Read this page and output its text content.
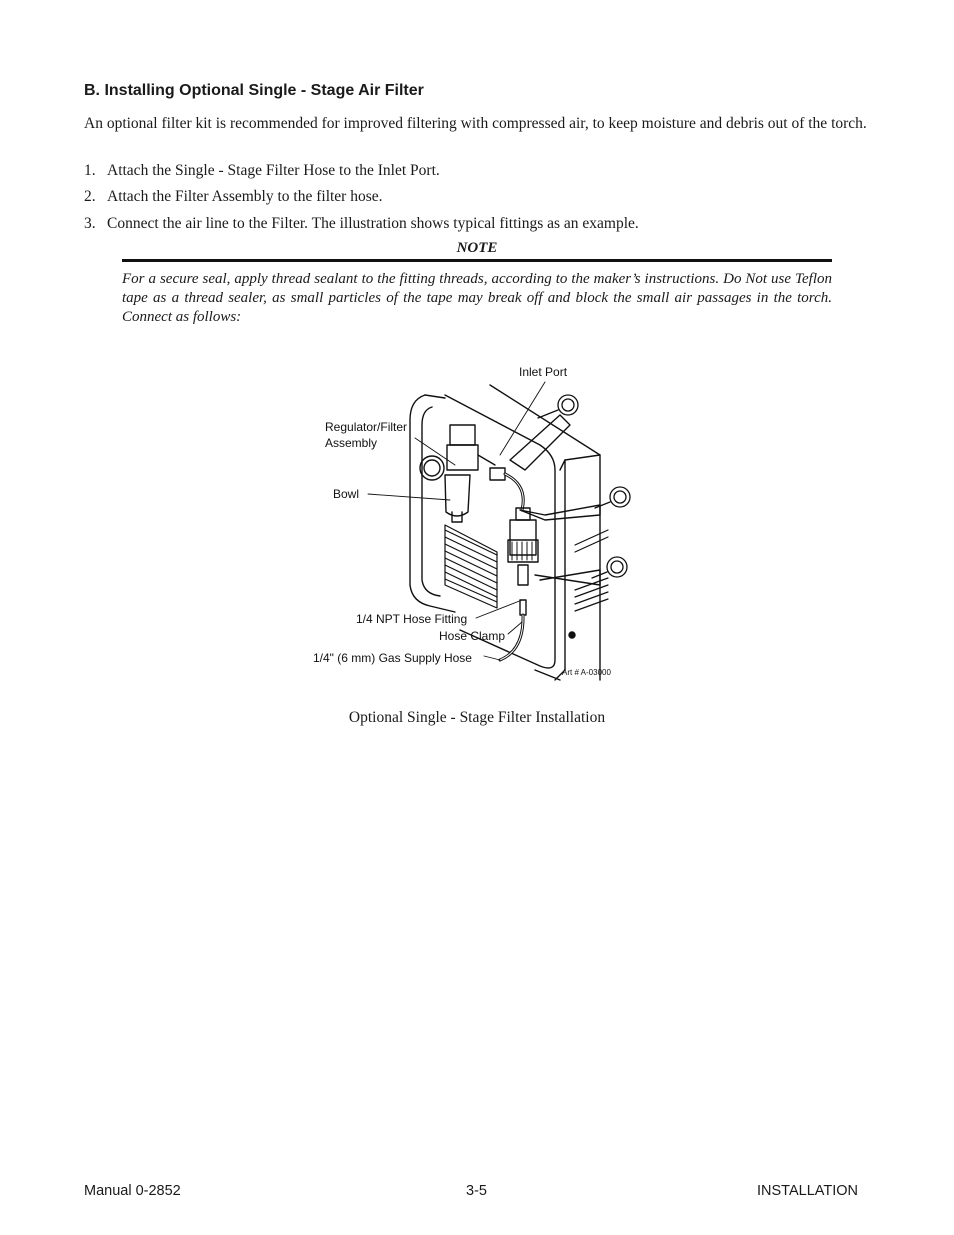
B. Installing Optional Single - Stage Air Filter
An optional filter kit is recommended for improved filtering with compressed air, to keep moisture and debris out of the torch.
1. Attach the Single - Stage Filter Hose to the Inlet Port.
2. Attach the Filter Assembly to the filter hose.
3. Connect the air line to the Filter. The illustration shows typical fittings as an example.
NOTE
For a secure seal, apply thread sealant to the fitting threads, according to the maker’s instructions. Do Not use Teflon tape as a thread sealer, as small particles of the tape may break off and block the small air passages in the torch. Connect as follows:
Inlet Port
Regulator/Filter
Assembly
Bowl
1/4 NPT Hose Fitting
Hose Clamp
1/4" (6 mm) Gas Supply Hose
Art # A-03000
Optional Single - Stage Filter Installation
Manual 0-2852	3-5	INSTALLATION
